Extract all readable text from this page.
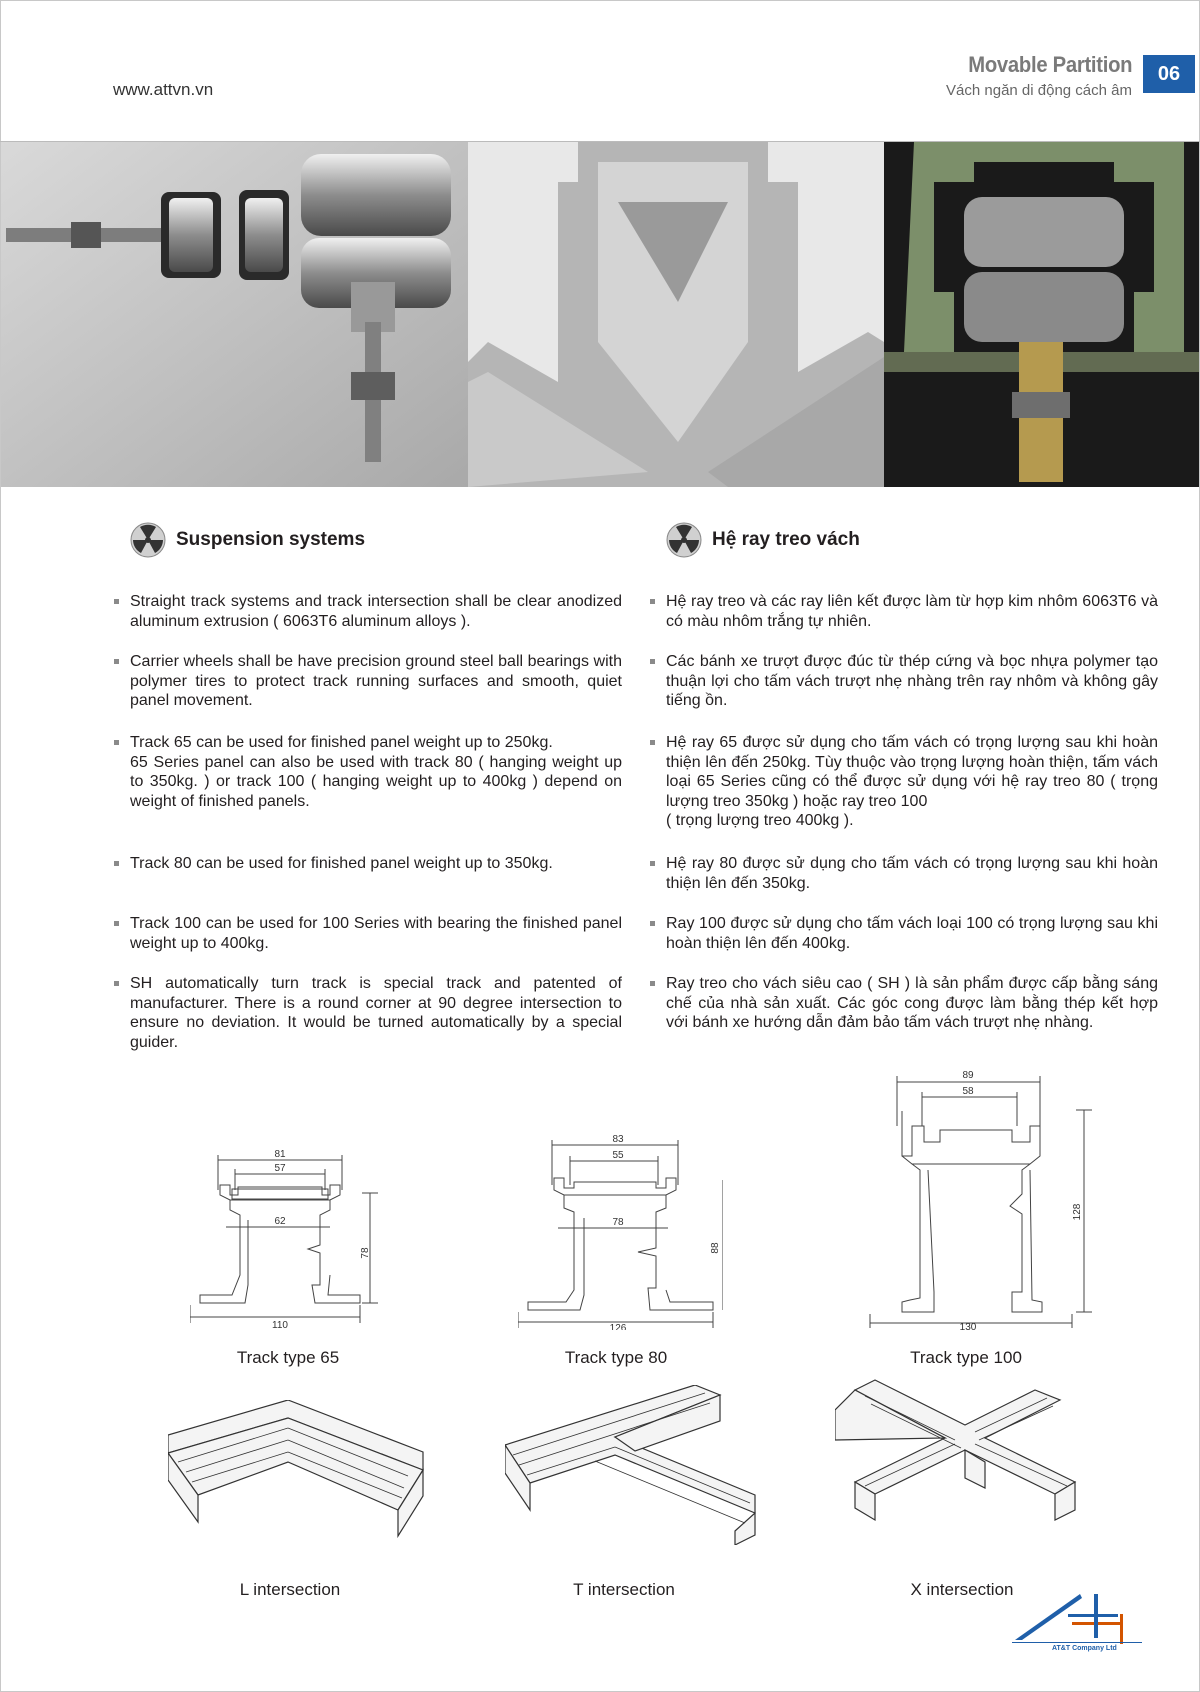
www.attvn.vn
Movable Partition
Vách ngăn di động cách âm
06
Suspension systems	Hệ ray treo vách
Straight track systems and track intersection shall be clear anodized aluminum extrusion ( 6063T6 aluminum alloys ).
Carrier wheels shall be have precision ground steel ball bearings with polymer tires to protect track running surfaces and smooth, quiet panel movement.
Track 65 can be used for finished panel weight up to 250kg.
65 Series panel can also be used with track 80 ( hanging weight up to 350kg. ) or track 100 ( hanging weight up to 400kg ) depend on weight of finished panels.
Track 80 can be used for finished panel weight up to 350kg.
Track 100 can be used for 100 Series with bearing the finished panel weight up to 400kg.
SH automatically turn track is special track and patented of manufacturer. There is a round corner at 90 degree intersection to ensure no deviation. It would be turned automatically by a special guider.
Hệ ray treo và các ray liên kết được làm từ hợp kim nhôm 6063T6 và có màu nhôm trắng tự nhiên.
Các bánh xe trượt được đúc từ thép cứng và bọc nhựa polymer tạo thuận lợi cho tấm vách trượt nhẹ nhàng trên ray nhôm và không gây tiếng ồn.
Hệ ray 65 được sử dụng cho tấm vách có trọng lượng sau khi hoàn thiện lên đến 250kg. Tùy thuộc vào trọng lượng hoàn thiện, tấm vách loại 65 Series cũng có thể được sử dụng với hệ ray treo 80 ( trọng lượng treo 350kg ) hoặc ray treo 100
( trọng lượng treo 400kg ).
Hệ ray 80 được sử dụng cho tấm vách có trọng lượng sau khi hoàn thiện lên đến 350kg.
Ray 100 được sử dụng cho tấm vách loại 100 có trọng lượng sau khi hoàn thiện lên đến 400kg.
Ray treo cho vách siêu cao ( SH ) là sản phẩm được cấp bằng sáng chế của nhà sản xuất. Các góc cong được làm bằng thép kết hợp với bánh xe hướng dẫn đảm bảo tấm vách trượt nhẹ nhàng.
81
57
62
110
78
Track type 65
83
55
78
126
88
Track type 80
89
58
130
128
Track type 100
L intersection	T intersection	X intersection
AT&T Company Ltd
